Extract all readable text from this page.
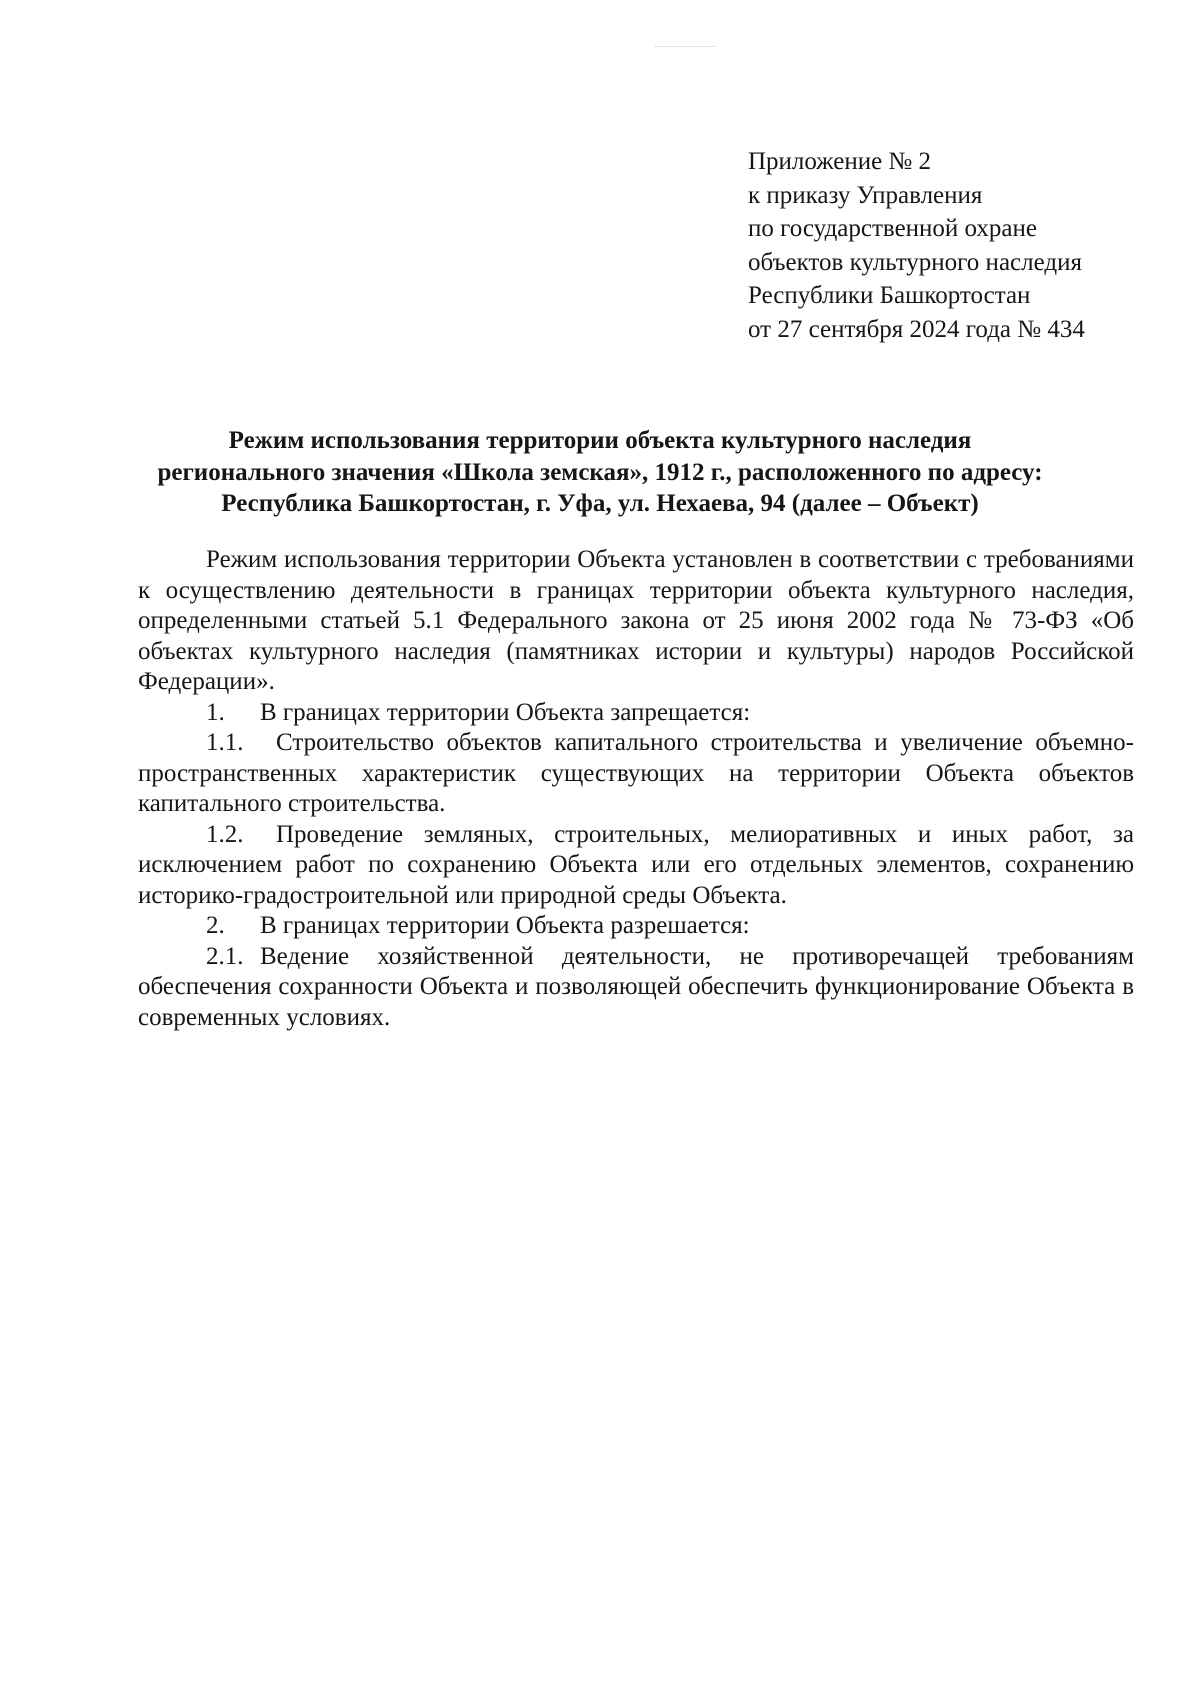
Приложение № 2
к приказу Управления
по государственной охране
объектов культурного наследия
Республики Башкортостан
от 27 сентября 2024 года № 434
Режим использования территории объекта культурного наследия
регионального значения «Школа земская», 1912 г., расположенного по адресу:
Республика Башкортостан, г. Уфа, ул. Нехаева, 94 (далее – Объект)

Режим использования территории Объекта установлен в соответствии с требованиями к осуществлению деятельности в границах территории объекта культурного наследия, определенными статьей 5.1 Федерального закона от 25 июня 2002 года № 73-ФЗ «Об объектах культурного наследия (памятниках истории и культуры) народов Российской Федерации».

1. В границах территории Объекта запрещается:

1.1. Строительство объектов капитального строительства и увеличение объемно-пространственных характеристик существующих на территории Объекта объектов капитального строительства.

1.2. Проведение земляных, строительных, мелиоративных и иных работ, за исключением работ по сохранению Объекта или его отдельных элементов, сохранению историко-градостроительной или природной среды Объекта.

2. В границах территории Объекта разрешается:

2.1. Ведение хозяйственной деятельности, не противоречащей требованиям обеспечения сохранности Объекта и позволяющей обеспечить функционирование Объекта в современных условиях.
